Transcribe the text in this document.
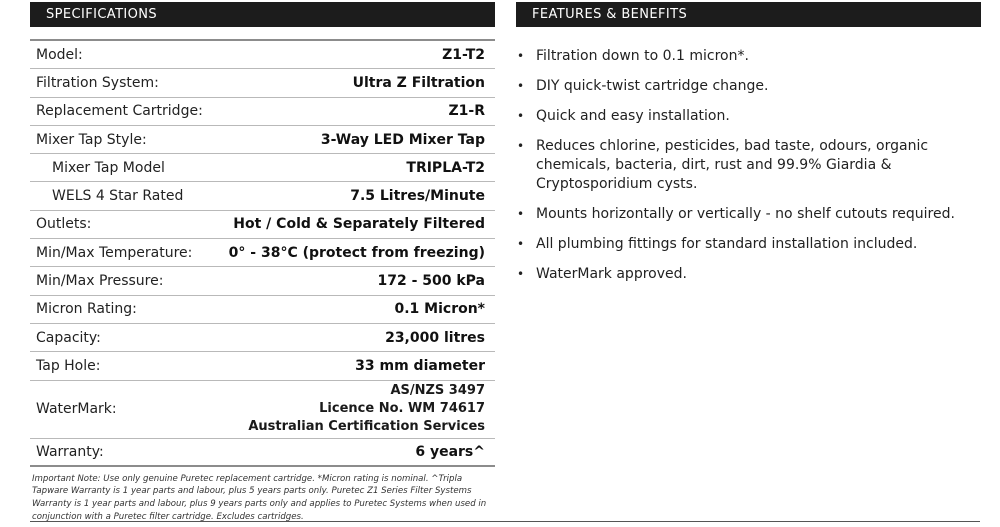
SPECIFICATIONS
Model:	Z1-T2
Filtration System:	Ultra Z Filtration
Replacement Cartridge:	Z1-R
Mixer Tap Style:	3-Way LED Mixer Tap
Mixer Tap Model	TRIPLA-T2
WELS 4 Star Rated	7.5 Litres/Minute
Outlets:	Hot / Cold & Separately Filtered
Min/Max Temperature:	0° - 38°C (protect from freezing)
Min/Max Pressure:	172 - 500 kPa
Micron Rating:	0.1 Micron*
Capacity:	23,000 litres
Tap Hole:	33 mm diameter
WaterMark:
AS/NZS 3497
Licence No. WM 74617
Australian Certification Services
Warranty:	6 years^

Important Note: Use only genuine Puretec replacement cartridge. *Micron rating is nominal. ^Tripla Tapware Warranty is 1 year parts and labour, plus 5 years parts only. Puretec Z1 Series Filter Systems Warranty is 1 year parts and labour, plus 9 years parts only and applies to Puretec Systems when used in conjunction with a Puretec filter cartridge. Excludes cartridges.

FEATURES & BENEFITS
• Filtration down to 0.1 micron*.
• DIY quick-twist cartridge change.
• Quick and easy installation.
• Reduces chlorine, pesticides, bad taste, odours, organic chemicals, bacteria, dirt, rust and 99.9% Giardia & Cryptosporidium cysts.
• Mounts horizontally or vertically - no shelf cutouts required.
• All plumbing fittings for standard installation included.
• WaterMark approved.
